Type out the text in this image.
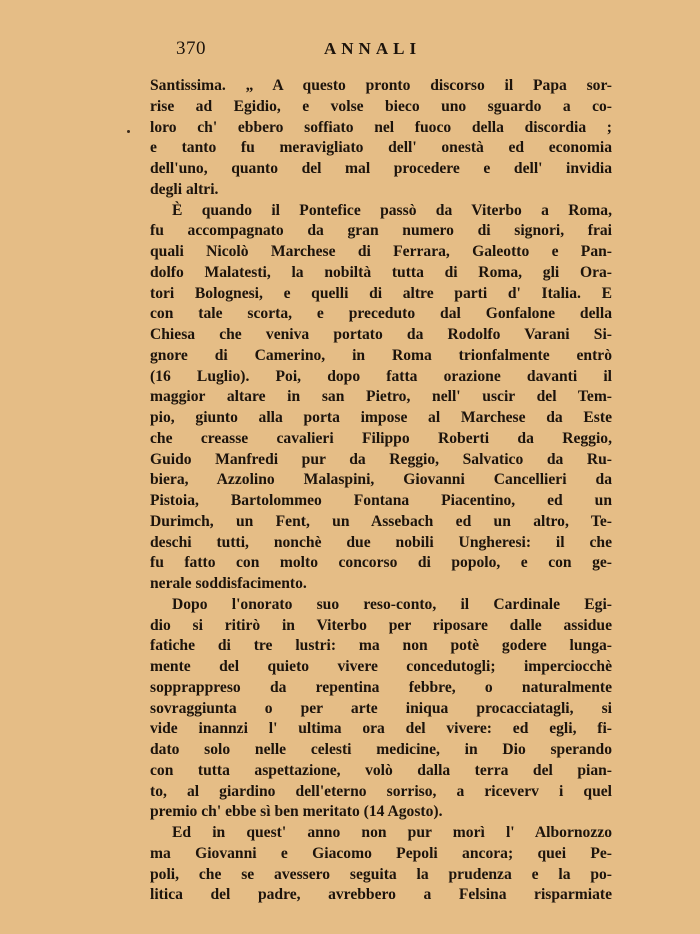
370	ANNALI
Santissima. „ A questo pronto discorso il Papa sor-
rise ad Egidio, e volse bieco uno sguardo a co-
loro ch' ebbero soffiato nel fuoco della discordia ;
e tanto fu meravigliato dell' onestà ed economia
dell'uno, quanto del mal procedere e dell' invidia
degli altri.
È quando il Pontefice passò da Viterbo a Roma,
fu accompagnato da gran numero di signori, frai
quali Nicolò Marchese di Ferrara, Galeotto e Pan-
dolfo Malatesti, la nobiltà tutta di Roma, gli Ora-
tori Bolognesi, e quelli di altre parti d' Italia. E
con tale scorta, e preceduto dal Gonfalone della
Chiesa che veniva portato da Rodolfo Varani Si-
gnore di Camerino, in Roma trionfalmente entrò
(16 Luglio). Poi, dopo fatta orazione davanti il
maggior altare in san Pietro, nell' uscir del Tem-
pio, giunto alla porta impose al Marchese da Este
che creasse cavalieri Filippo Roberti da Reggio,
Guido Manfredi pur da Reggio, Salvatico da Ru-
biera, Azzolino Malaspini, Giovanni Cancellieri da
Pistoia, Bartolommeo Fontana Piacentino, ed un
Durimch, un Fent, un Assebach ed un altro, Te-
deschi tutti, nonchè due nobili Ungheresi: il che
fu fatto con molto concorso di popolo, e con ge-
nerale soddisfacimento.
Dopo l'onorato suo reso-conto, il Cardinale Egi-
dio si ritirò in Viterbo per riposare dalle assidue
fatiche di tre lustri: ma non potè godere lunga-
mente del quieto vivere concedutogli; imperciocchè
sopprappreso da repentina febbre, o naturalmente
sovraggiunta o per arte iniqua procacciatagli, si
vide inannzi l' ultima ora del vivere: ed egli, fi-
dato solo nelle celesti medicine, in Dio sperando
con tutta aspettazione, volò dalla terra del pian-
to, al giardino dell'eterno sorriso, a riceverv i quel
premio ch' ebbe sì ben meritato (14 Agosto).
Ed in quest' anno non pur morì l' Albornozzo
ma Giovanni e Giacomo Pepoli ancora; quei Pe-
poli, che se avessero seguita la prudenza e la po-
litica del padre, avrebbero a Felsina risparmiate
